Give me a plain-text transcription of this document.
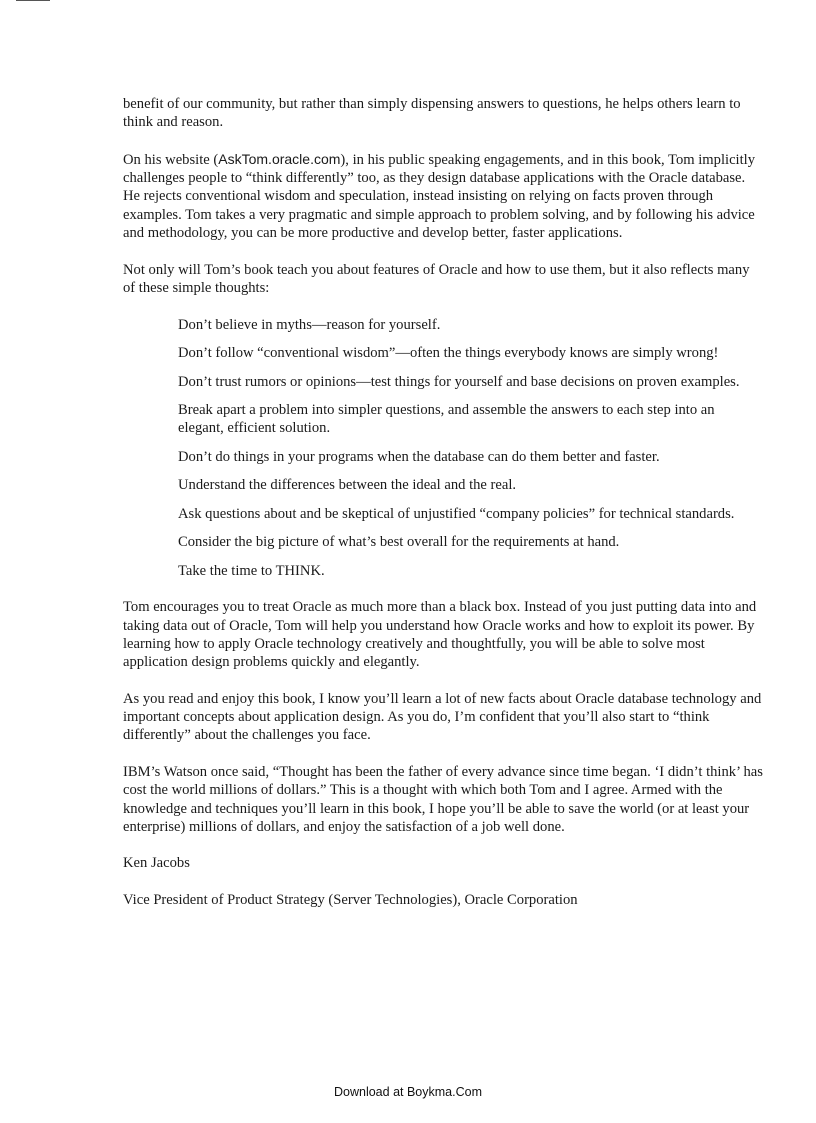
benefit of our community, but rather than simply dispensing answers to questions, he helps others learn to think and reason.

On his website (AskTom.oracle.com), in his public speaking engagements, and in this book, Tom implicitly challenges people to “think differently” too, as they design database applications with the Oracle database. He rejects conventional wisdom and speculation, instead insisting on relying on facts proven through examples. Tom takes a very pragmatic and simple approach to problem solving, and by following his advice and methodology, you can be more productive and develop better, faster applications.

Not only will Tom’s book teach you about features of Oracle and how to use them, but it also reflects many of these simple thoughts:

Don’t believe in myths—reason for yourself.
Don’t follow “conventional wisdom”—often the things everybody knows are simply wrong!
Don’t trust rumors or opinions—test things for yourself and base decisions on proven examples.
Break apart a problem into simpler questions, and assemble the answers to each step into an elegant, efficient solution.
Don’t do things in your programs when the database can do them better and faster.
Understand the differences between the ideal and the real.
Ask questions about and be skeptical of unjustified “company policies” for technical standards.
Consider the big picture of what’s best overall for the requirements at hand.
Take the time to THINK.

Tom encourages you to treat Oracle as much more than a black box. Instead of you just putting data into and taking data out of Oracle, Tom will help you understand how Oracle works and how to exploit its power. By learning how to apply Oracle technology creatively and thoughtfully, you will be able to solve most application design problems quickly and elegantly.

As you read and enjoy this book, I know you’ll learn a lot of new facts about Oracle database technology and important concepts about application design. As you do, I’m confident that you’ll also start to “think differently” about the challenges you face.

IBM’s Watson once said, “Thought has been the father of every advance since time began. ‘I didn’t think’ has cost the world millions of dollars.” This is a thought with which both Tom and I agree. Armed with the knowledge and techniques you’ll learn in this book, I hope you’ll be able to save the world (or at least your enterprise) millions of dollars, and enjoy the satisfaction of a job well done.

Ken Jacobs

Vice President of Product Strategy (Server Technologies), Oracle Corporation

Download at Boykma.Com
